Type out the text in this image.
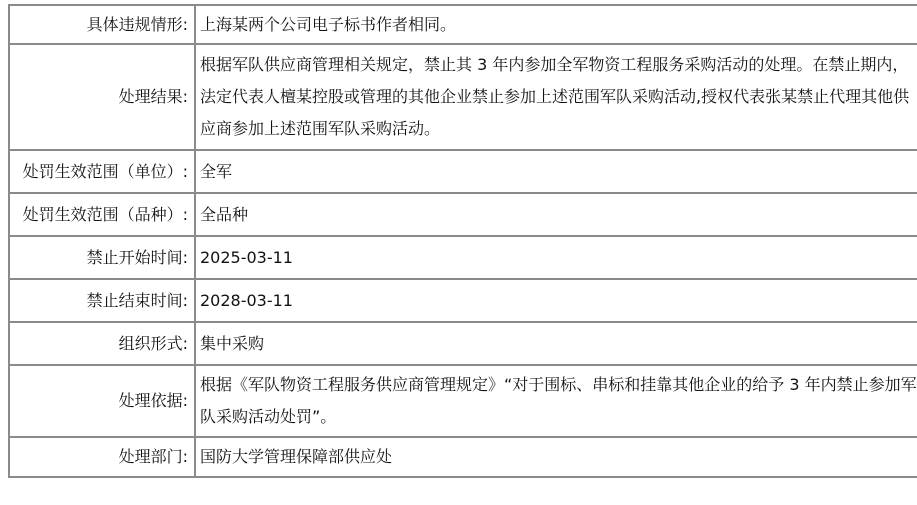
具体违规情形:	上海某两个公司电子标书作者相同。
处理结果:	根据军队供应商管理相关规定，禁止其 3 年内参加全军物资工程服务采购活动的处理。在禁止期内，法定代表人檀某控股或管理的其他企业禁止参加上述范围军队采购活动,授权代表张某禁止代理其他供应商参加上述范围军队采购活动。
处罚生效范围（单位）:	全军
处罚生效范围（品种）:	全品种
禁止开始时间:	2025-03-11
禁止结束时间:	2028-03-11
组织形式:	集中采购
处理依据:	根据《军队物资工程服务供应商管理规定》“对于围标、串标和挂靠其他企业的给予 3 年内禁止参加军队采购活动处罚”。
处理部门:	国防大学管理保障部供应处
